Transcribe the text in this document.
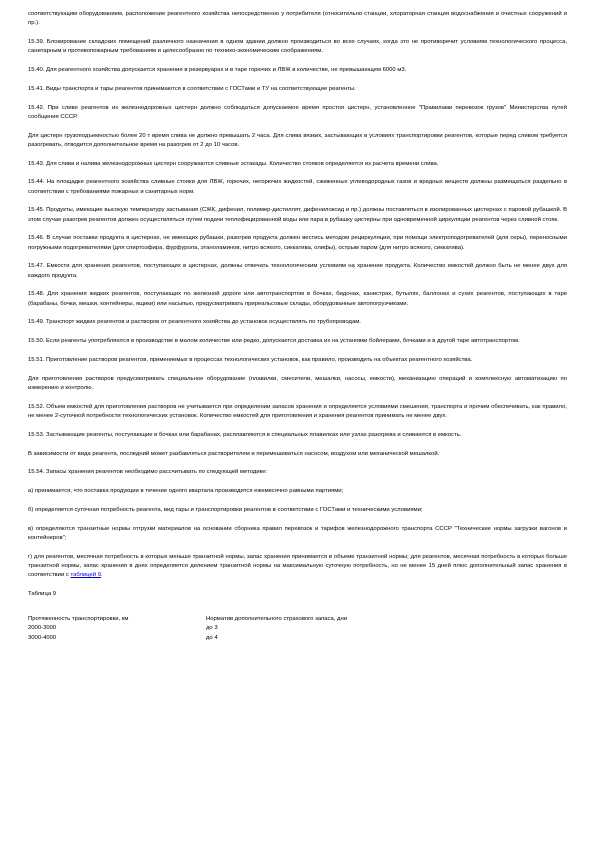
соответствующим оборудованием, расположение реагентного хозяйства непосредственно у потребителя (относительно станции, хлораторная станция водоснабжения и очистных сооружений и пр.).

15.39. Блокирование складских помещений различного назначения в одном здании должно производиться во всех случаях, когда это не противоречит условиям технологического процесса, санитарным и противопожарным требованиям и целесообразно по технико-экономическим соображениям.

15.40. Для реагентного хозяйства допускается хранение в резервуарах и в таре горючих и ЛВЖ в количестве, не превышающем 6000 м3.

15.41. Виды транспорта и тары реагентов принимаются в соответствии с ГОСТами и ТУ на соответствующие реагенты.

15.42. При сливе реагентов из железнодорожных цистерн должно соблюдаться допускаемое время простоя цистерн, установленное "Правилами перевозок грузов" Министерства путей сообщения СССР.

Для цистерн грузоподъемностью более 20 т время слива не должно превышать 2 часа. Для слива вязких, застывающих в условиях транспортировки реагентов, которые перед сливом требуется разогревать, отводится дополнительное время на разогрев от 2 до 10 часов.

15.43. Для слива и налива железнодорожных цистерн сооружаются сливные эстакады. Количество стояков определяется из расчета времени слива.

15.44. На площадке реагентного хозяйства сливные стояки для ЛВЖ, горючих, негорючих жидкостей, сжиженных углеводородных газов и вредных веществ должны размещаться раздельно в соответствии с требованиями пожарных и санитарных норм.

15.45. Продукты, имеющие высокую температуру застывания (СЖК, дифенил, полимер-дистиллят, дифенилоксид и пр.) должны поставляться в изолированных цистернах с паровой рубашкой. В этом случае разогрев реагентов должен осуществляться путем подачи теплофицированной воды или пара в рубашку цистерны при одновременной циркуляции реагентов через сливной стояк.

15.46. В случае поставки продукта в цистернах, не имеющих рубашки, разогрев продукта должен вестись методом рециркуляции, при помощи электроподогревателей (для серы), переносными погружными подогревателями (для спиртоэфира, фурфурола, этаноламинов, нитро всякого, сиккатива, олифы), острым паром (для нитро всякого, сиккатива).

15.47. Емкости для хранения реагентов, поступающих в цистернах, должны отвечать технологическим условиям на хранение продукта. Количество емкостей должно быть не менее двух для каждого продукта.

15.48. Для хранения жидких реагентов, поступающих по железной дороге или автотранспортом в бочках, бидонах, канистрах, бутылях, баллонах и сухих реагентов, поступающих в таре (барабаны, бочки, мешки, контейнеры, ящики) или насыпью, предусматривать приреальсовые склады, оборудованные автопогрузчиками.

15.49. Транспорт жидких реагентов и растворов от реагентного хозяйства до установок осуществлять по трубопроводам.

15.50. Если реагенты употребляются в производстве в малом количестве или редко, допускается доставка их на установки бойлерами, бочками и в другой таре автотранспортом.

15.51. Приготовление растворов реагентов, применяемых в процессах технологических установок, как правило, производить на объектах реагентного хозяйства.

Для приготовления растворов предусматривать специальное оборудование (плавилки, смесители, мешалки, насосы, емкости), механизацию операций и комплексную автоматизацию по измерению и контролю.

15.52. Объем емкостей для приготовления растворов не учитывается при определении запасов хранения и определяется условиями смешения, транспорта и прочим обеспечивать, как правило, не менее 2-суточной потребности технологических установок. Количество емкостей для приготовления и хранения реагентов принимать не менее двух.

15.53. Застывающие реагенты, поступающие в бочках или барабанах, расплавляются в специальных плавилках или узлах разогрева и сливаются в емкость.

В зависимости от вида реагента, последний может разбавляться растворителем и перемешиваться насосом, воздухом или механической мешалкой.

15.54. Запасы хранения реагентов необходимо рассчитывать по следующей методике:

а) принимается, что поставка продукции в течение одного квартала производится ежемесячно равными партиями;

б) определяется суточная потребность реагента, вид тары и транспортировки реагентов в соответствии с ГОСТами и техническими условиями;

в) определяются транзитные нормы отгрузки материалов на основании сборника правил перевозок и тарифов железнодорожного транспорта СССР "Технические нормы загрузки вагонов и контейнеров";

г) для реагентов, месячная потребность в которых меньше транзитной нормы, запас хранения принимается в объеме транзитной нормы; для реагентов, месячная потребность в которых больше транзитной нормы, запас хранения в днях определяется делением транзитной нормы на максимальную суточную потребность, но не менее 15 дней плюс дополнительный запас хранения в соответствии с таблицей 9.

Таблица 9
Протяженность транспортировки, км	Норматив дополнительного страхового запаса, дни
2000-3000	до 3
3000-4000	до 4
